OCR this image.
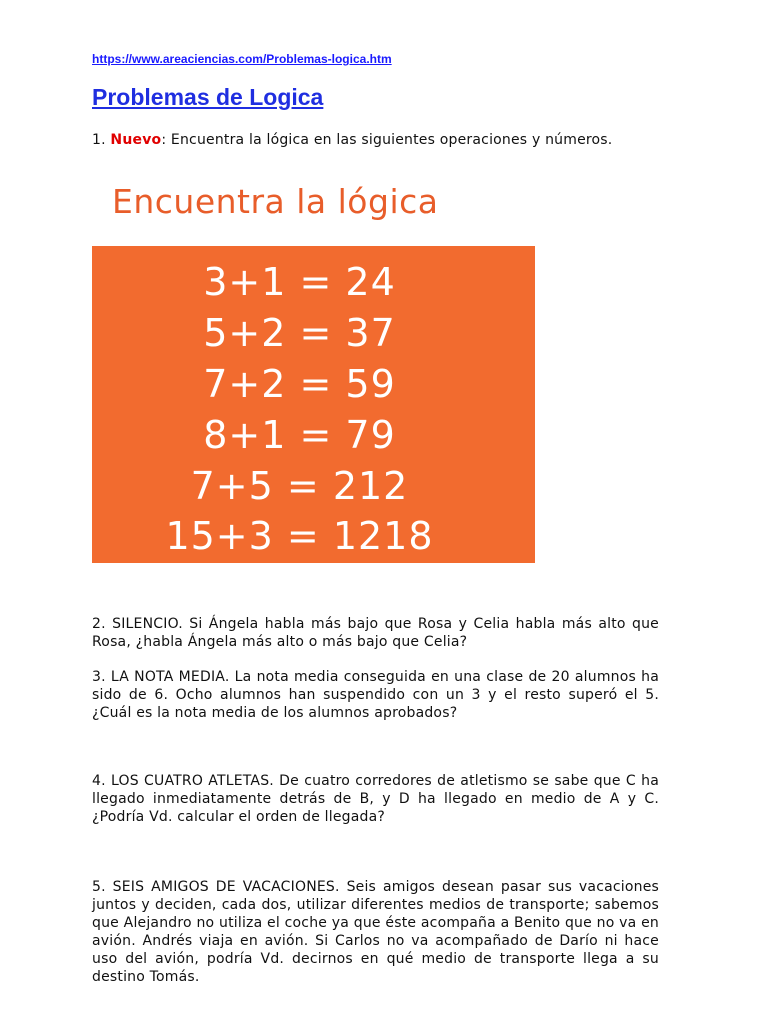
https://www.areaciencias.com/Problemas-logica.htm
Problemas de Logica

1. Nuevo: Encuentra la lógica en las siguientes operaciones y números.

Encuentra la lógica
3+1 = 24
5+2 = 37
7+2 = 59
8+1 = 79
7+5 = 212
15+3 = 1218

2. SILENCIO. Si Ángela habla más bajo que Rosa y Celia habla más alto que Rosa, ¿habla Ángela más alto o más bajo que Celia?

3. LA NOTA MEDIA. La nota media conseguida en una clase de 20 alumnos ha sido de 6. Ocho alumnos han suspendido con un 3 y el resto superó el 5. ¿Cuál es la nota media de los alumnos aprobados?

4. LOS CUATRO ATLETAS. De cuatro corredores de atletismo se sabe que C ha llegado inmediatamente detrás de B, y D ha llegado en medio de A y C. ¿Podría Vd. calcular el orden de llegada?

5. SEIS AMIGOS DE VACACIONES. Seis amigos desean pasar sus vacaciones juntos y deciden, cada dos, utilizar diferentes medios de transporte; sabemos que Alejandro no utiliza el coche ya que éste acompaña a Benito que no va en avión. Andrés viaja en avión. Si Carlos no va acompañado de Darío ni hace uso del avión, podría Vd. decirnos en qué medio de transporte llega a su destino Tomás.
